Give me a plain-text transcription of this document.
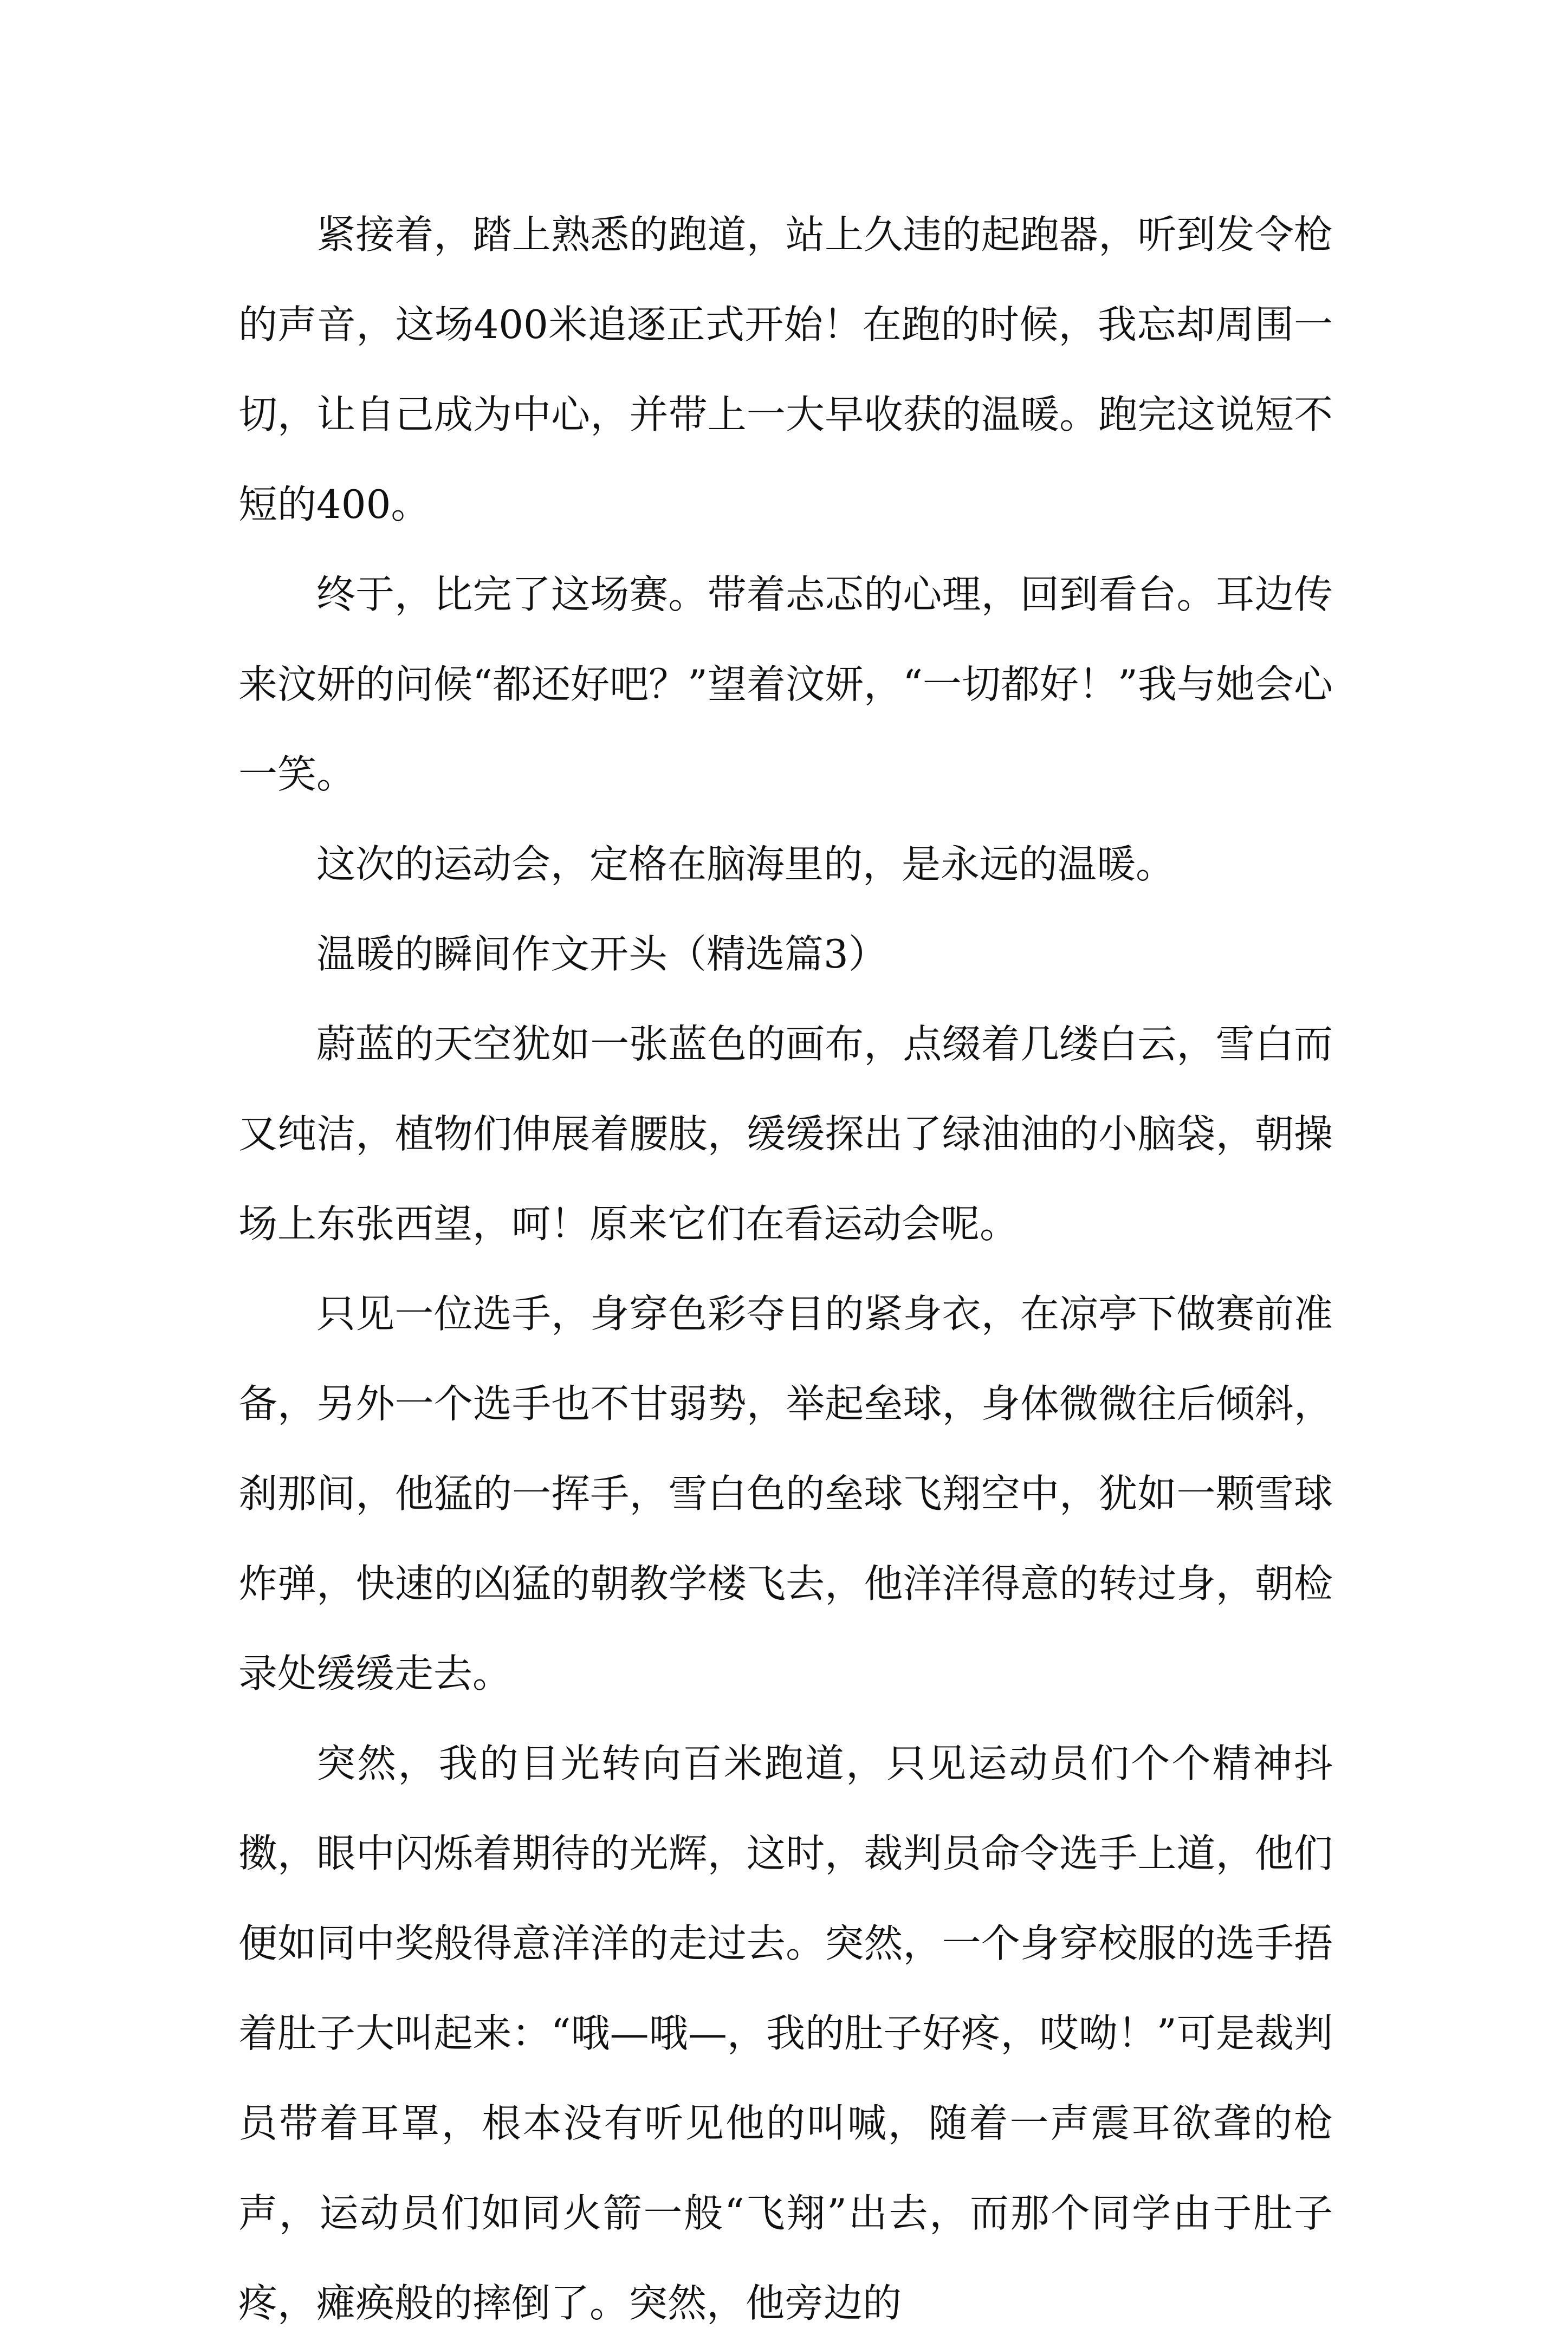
紧接着，踏上熟悉的跑道，站上久违的起跑器，听到发令枪的声音，这场400米追逐正式开始！在跑的时候，我忘却周围一切，让自己成为中心，并带上一大早收获的温暖。跑完这说短不短的400。

终于，比完了这场赛。带着忐忑的心理，回到看台。耳边传来汶妍的问候“都还好吧？”望着汶妍，“一切都好！”我与她会心一笑。

这次的运动会，定格在脑海里的，是永远的温暖。

温暖的瞬间作文开头（精选篇3）

蔚蓝的天空犹如一张蓝色的画布，点缀着几缕白云，雪白而又纯洁，植物们伸展着腰肢，缓缓探出了绿油油的小脑袋，朝操场上东张西望，呵！原来它们在看运动会呢。

只见一位选手，身穿色彩夺目的紧身衣，在凉亭下做赛前准备，另外一个选手也不甘弱势，举起垒球，身体微微往后倾斜，刹那间，他猛的一挥手，雪白色的垒球飞翔空中，犹如一颗雪球炸弹，快速的凶猛的朝教学楼飞去，他洋洋得意的转过身，朝检录处缓缓走去。

突然，我的目光转向百米跑道，只见运动员们个个精神抖擞，眼中闪烁着期待的光辉，这时，裁判员命令选手上道，他们便如同中奖般得意洋洋的走过去。突然，一个身穿校服的选手捂着肚子大叫起来：“哦—哦—，我的肚子好疼，哎呦！”可是裁判员带着耳罩，根本没有听见他的叫喊，随着一声震耳欲聋的枪声，运动员们如同火箭一般“飞翔”出去，而那个同学由于肚子疼，瘫痪般的摔倒了。突然，他旁边的
